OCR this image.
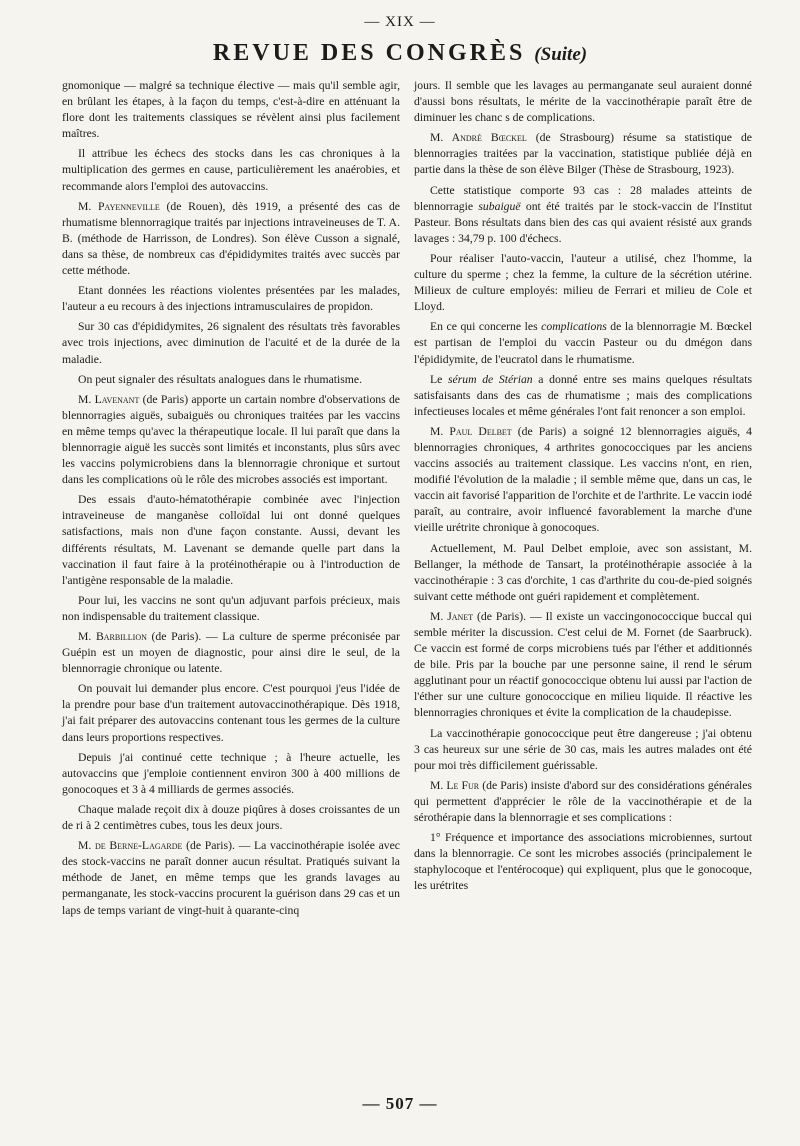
— XIX —
REVUE DES CONGRÈS (Suite)

gnomonique — malgré sa technique élective — mais qu'il semble agir, en brûlant les étapes, à la façon du temps, c'est-à-dire en atténuant la flore dont les traitements classiques se révèlent ainsi plus facilement maîtres.

Il attribue les échecs des stocks dans les cas chroniques à la multiplication des germes en cause, particulièrement les anaérobies, et recommande alors l'emploi des autovaccins.

M. Payenneville (de Rouen), dès 1919, a présenté des cas de rhumatisme blennorragique traités par injections intraveineuses de T. A. B. (méthode de Harrisson, de Londres). Son élève Cusson a signalé, dans sa thèse, de nombreux cas d'épididymites traités avec succès par cette méthode.

Etant données les réactions violentes présentées par les malades, l'auteur a eu recours à des injections intramusculaires de propidon.

Sur 30 cas d'épididymites, 26 signalent des résultats très favorables avec trois injections, avec diminution de l'acuité et de la durée de la maladie.

On peut signaler des résultats analogues dans le rhumatisme.

M. Lavenant (de Paris) apporte un cartain nombre d'observations de blennorragies aiguës, subaiguës ou chroniques traitées par les vaccins en même temps qu'avec la thérapeutique locale. Il lui paraît que dans la blennorragie aiguë les succès sont limités et inconstants, plus sûrs avec les vaccins polymicrobiens dans la blennorragie chronique et surtout dans les complications où le rôle des microbes associés est important.

Des essais d'auto-hématothérapie combinée avec l'injection intraveineuse de manganèse colloïdal lui ont donné quelques satisfactions, mais non d'une façon constante. Aussi, devant les différents résultats, M. Lavenant se demande quelle part dans la vaccination il faut faire à la protéinothérapie ou à l'introduction de l'antigène responsable de la maladie.

Pour lui, les vaccins ne sont qu'un adjuvant parfois précieux, mais non indispensable du traitement classique.

M. Barbillion (de Paris). — La culture de sperme préconisée par Guépin est un moyen de diagnostic, pour ainsi dire le seul, de la blennorragie chronique ou latente.

On pouvait lui demander plus encore. C'est pourquoi j'eus l'idée de la prendre pour base d'un traitement autovaccinothérapique. Dès 1918, j'ai fait préparer des autovaccins contenant tous les germes de la culture dans leurs proportions respectives.

Depuis j'ai continué cette technique ; à l'heure actuelle, les autovaccins que j'emploie contiennent environ 300 à 400 millions de gonocoques et 3 à 4 milliards de germes associés.

Chaque malade reçoit dix à douze piqûres à doses croissantes de un de ri à 2 centimètres cubes, tous les deux jours.

M. de Berne-Lagarde (de Paris). — La vaccinothérapie isolée avec des stock-vaccins ne paraît donner aucun résultat. Pratiqués suivant la méthode de Janet, en même temps que les grands lavages au permanganate, les stock-vaccins procurent la guérison dans 29 cas et un laps de temps variant de vingt-huit à quarante-cinq

jours. Il semble que les lavages au permanganate seul auraient donné d'aussi bons résultats, le mérite de la vaccinothérapie paraît être de diminuer les chanc s de complications.

M. André Bœckel (de Strasbourg) résume sa statistique de blennorragies traitées par la vaccination, statistique publiée déjà en partie dans la thèse de son élève Bilger (Thèse de Strasbourg, 1923).

Cette statistique comporte 93 cas : 28 malades atteints de blennorragie subaiguë ont été traités par le stock-vaccin de l'Institut Pasteur. Bons résultats dans bien des cas qui avaient résisté aux grands lavages : 34,79 p. 100 d'échecs.

Pour réaliser l'auto-vaccin, l'auteur a utilisé, chez l'homme, la culture du sperme ; chez la femme, la culture de la sécrétion utérine. Milieux de culture employés: milieu de Ferrari et milieu de Cole et Lloyd.

En ce qui concerne les complications de la blennorragie M. Bœckel est partisan de l'emploi du vaccin Pasteur ou du dmégon dans l'épididymite, de l'eucratol dans le rhumatisme.

Le sérum de Stérian a donné entre ses mains quelques résultats satisfaisants dans des cas de rhumatisme ; mais des complications infectieuses locales et même générales l'ont fait renoncer a son emploi.

M. Paul Delbet (de Paris) a soigné 12 blennorragies aiguës, 4 blennorragies chroniques, 4 arthrites gonococciques par les anciens vaccins associés au traitement classique. Les vaccins n'ont, en rien, modifié l'évolution de la maladie ; il semble même que, dans un cas, le vaccin ait favorisé l'apparition de l'orchite et de l'arthrite. Le vaccin iodé paraît, au contraire, avoir influencé favorablement la marche d'une vieille urétrite chronique à gonocoques.

Actuellement, M. Paul Delbet emploie, avec son assistant, M. Bellanger, la méthode de Tansart, la protéinothérapie associée à la vaccinothérapie : 3 cas d'orchite, 1 cas d'arthrite du cou-de-pied soignés suivant cette méthode ont guéri rapidement et complètement.

M. Janet (de Paris). — Il existe un vaccingonococcique buccal qui semble mériter la discussion. C'est celui de M. Fornet (de Saarbruck). Ce vaccin est formé de corps microbiens tués par l'éther et additionnés de bile. Pris par la bouche par une personne saine, il rend le sérum agglutinant pour un réactif gonococcique obtenu lui aussi par l'action de l'éther sur une culture gonococcique en milieu liquide. Il réactive les blennorragies chroniques et évite la complication de la chaudepisse.

La vaccinothérapie gonococcique peut être dangereuse ; j'ai obtenu 3 cas heureux sur une série de 30 cas, mais les autres malades ont été pour moi très difficilement guérissable.

M. Le Fur (de Paris) insiste d'abord sur des considérations générales qui permettent d'apprécier le rôle de la vaccinothérapie et de la sérothérapie dans la blennorragie et ses complications :

1° Fréquence et importance des associations microbiennes, surtout dans la blennorragie. Ce sont les microbes associés (principalement le staphylocoque et l'entérocoque) qui expliquent, plus que le gonocoque, les urétrites

— 507 —
